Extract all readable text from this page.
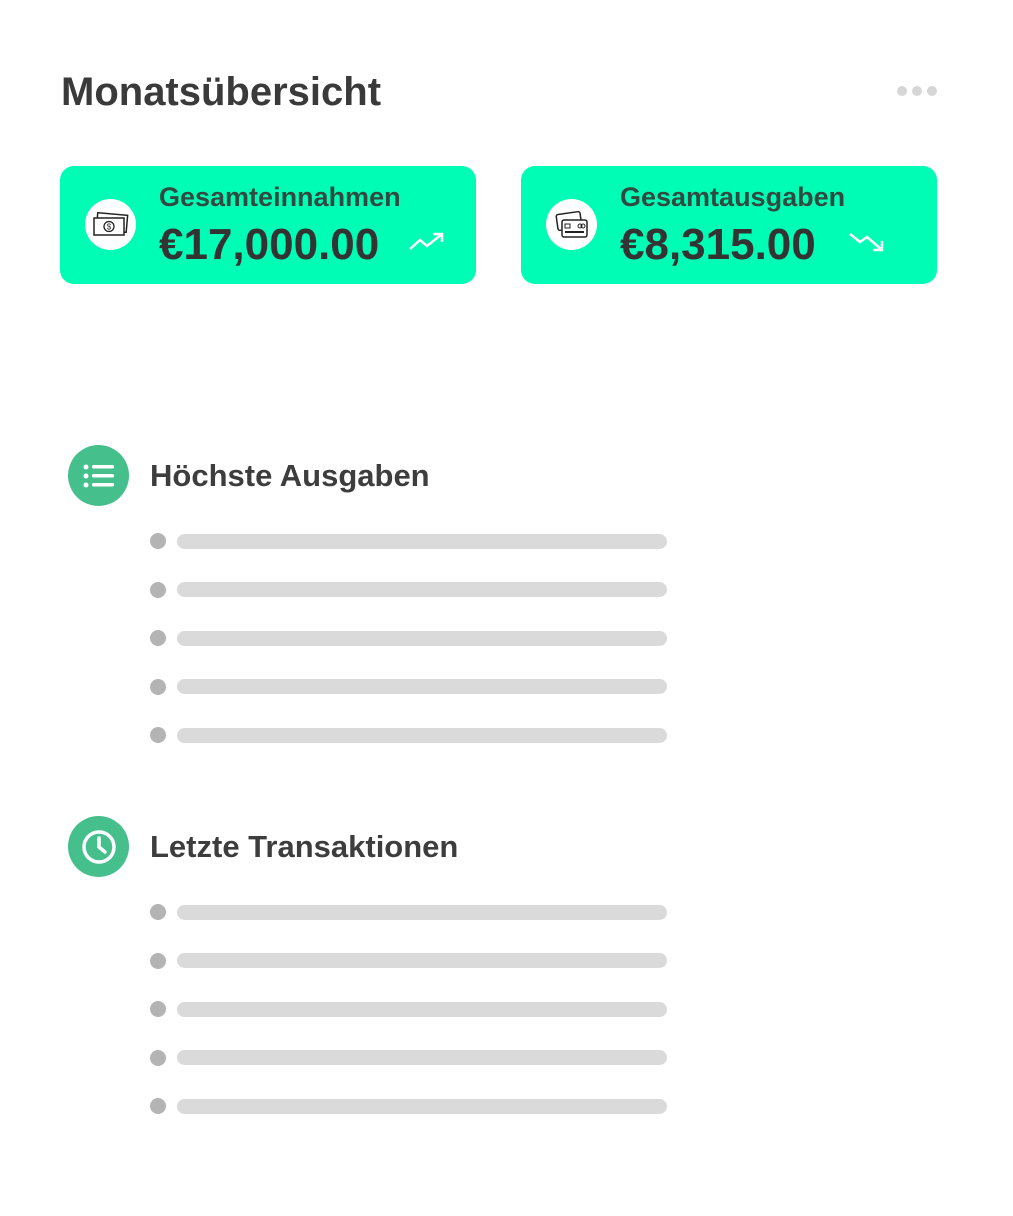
Monatsübersicht
$
Gesamteinnahmen
€17,000.00
Gesamtausgaben
€8,315.00
Höchste Ausgaben
Letzte Transaktionen
